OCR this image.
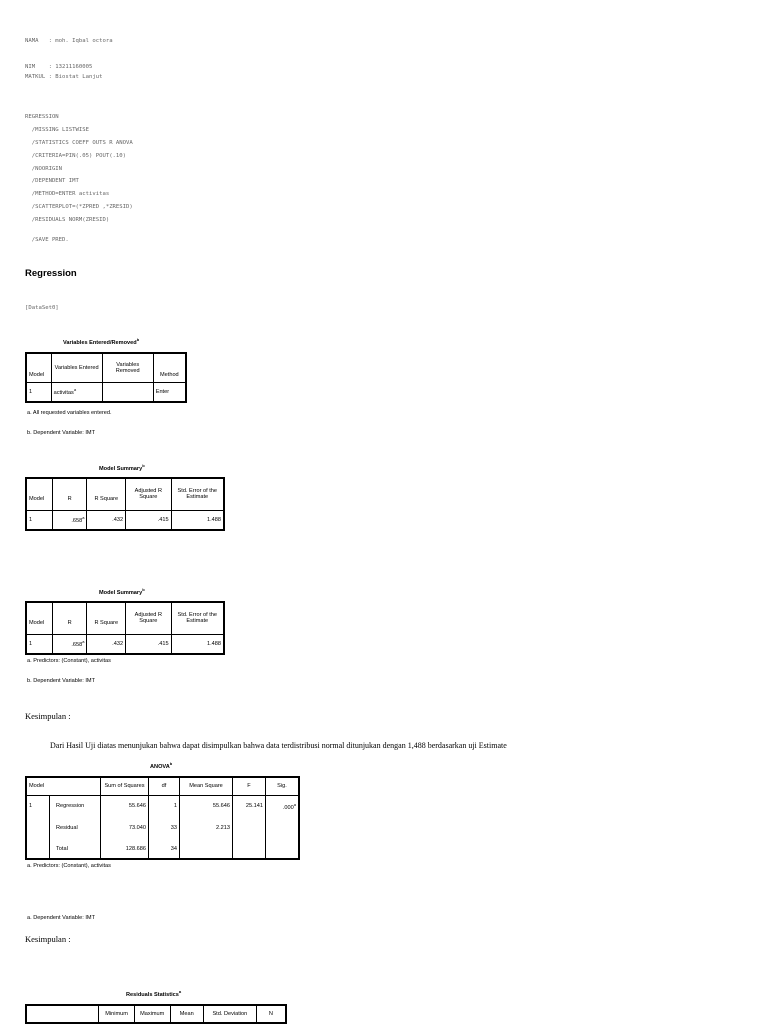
NAMA   : moh. Iqbal octora
NIM    : 13211160005
MATKUL : Biostat Lanjut
REGRESSION
/MISSING LISTWISE
/STATISTICS COEFF OUTS R ANOVA
/CRITERIA=PIN(.05) POUT(.10)
/NOORIGIN
/DEPENDENT IMT
/METHOD=ENTER activitas
/SCATTERPLOT=(*ZPRED ,*ZRESID)
/RESIDUALS NORM(ZRESID)
/SAVE PRED.
Regression
[DataSet0]
Variables Entered/Removed$^b$
Model	Variables Entered	Variables Removed	Method
1	activitas$^a$		Enter
a. All requested variables entered.
b. Dependent Variable: IMT
Model Summary$^b$
Model	R	R Square	Adjusted R Square	Std. Error of the Estimate
1	.658$^a$	.432	.415	1.488
Model Summary$^b$
Model	R	R Square	Adjusted R Square	Std. Error of the Estimate
1	.658$^a$	.432	.415	1.488
a. Predictors: (Constant), activitas
b. Dependent Variable: IMT
Kesimpulan :
Dari Hasil Uji diatas menunjukan bahwa dapat disimpulkan bahwa data terdistribusi normal ditunjukan dengan 1,488 berdasarkan uji Estimate
ANOVA$^b$
Model		Sum of Squares	df	Mean Square	F	Sig.
1	Regression	55.646	1	55.646	25.141	.000$^a$
	Residual	73.040	33	2.213		
	Total	128.686	34			
a. Predictors: (Constant), activitas
a. Dependent Variable: IMT
Kesimpulan :
Residuals Statistics$^a$
	Minimum	Maximum	Mean	Std. Deviation	N
